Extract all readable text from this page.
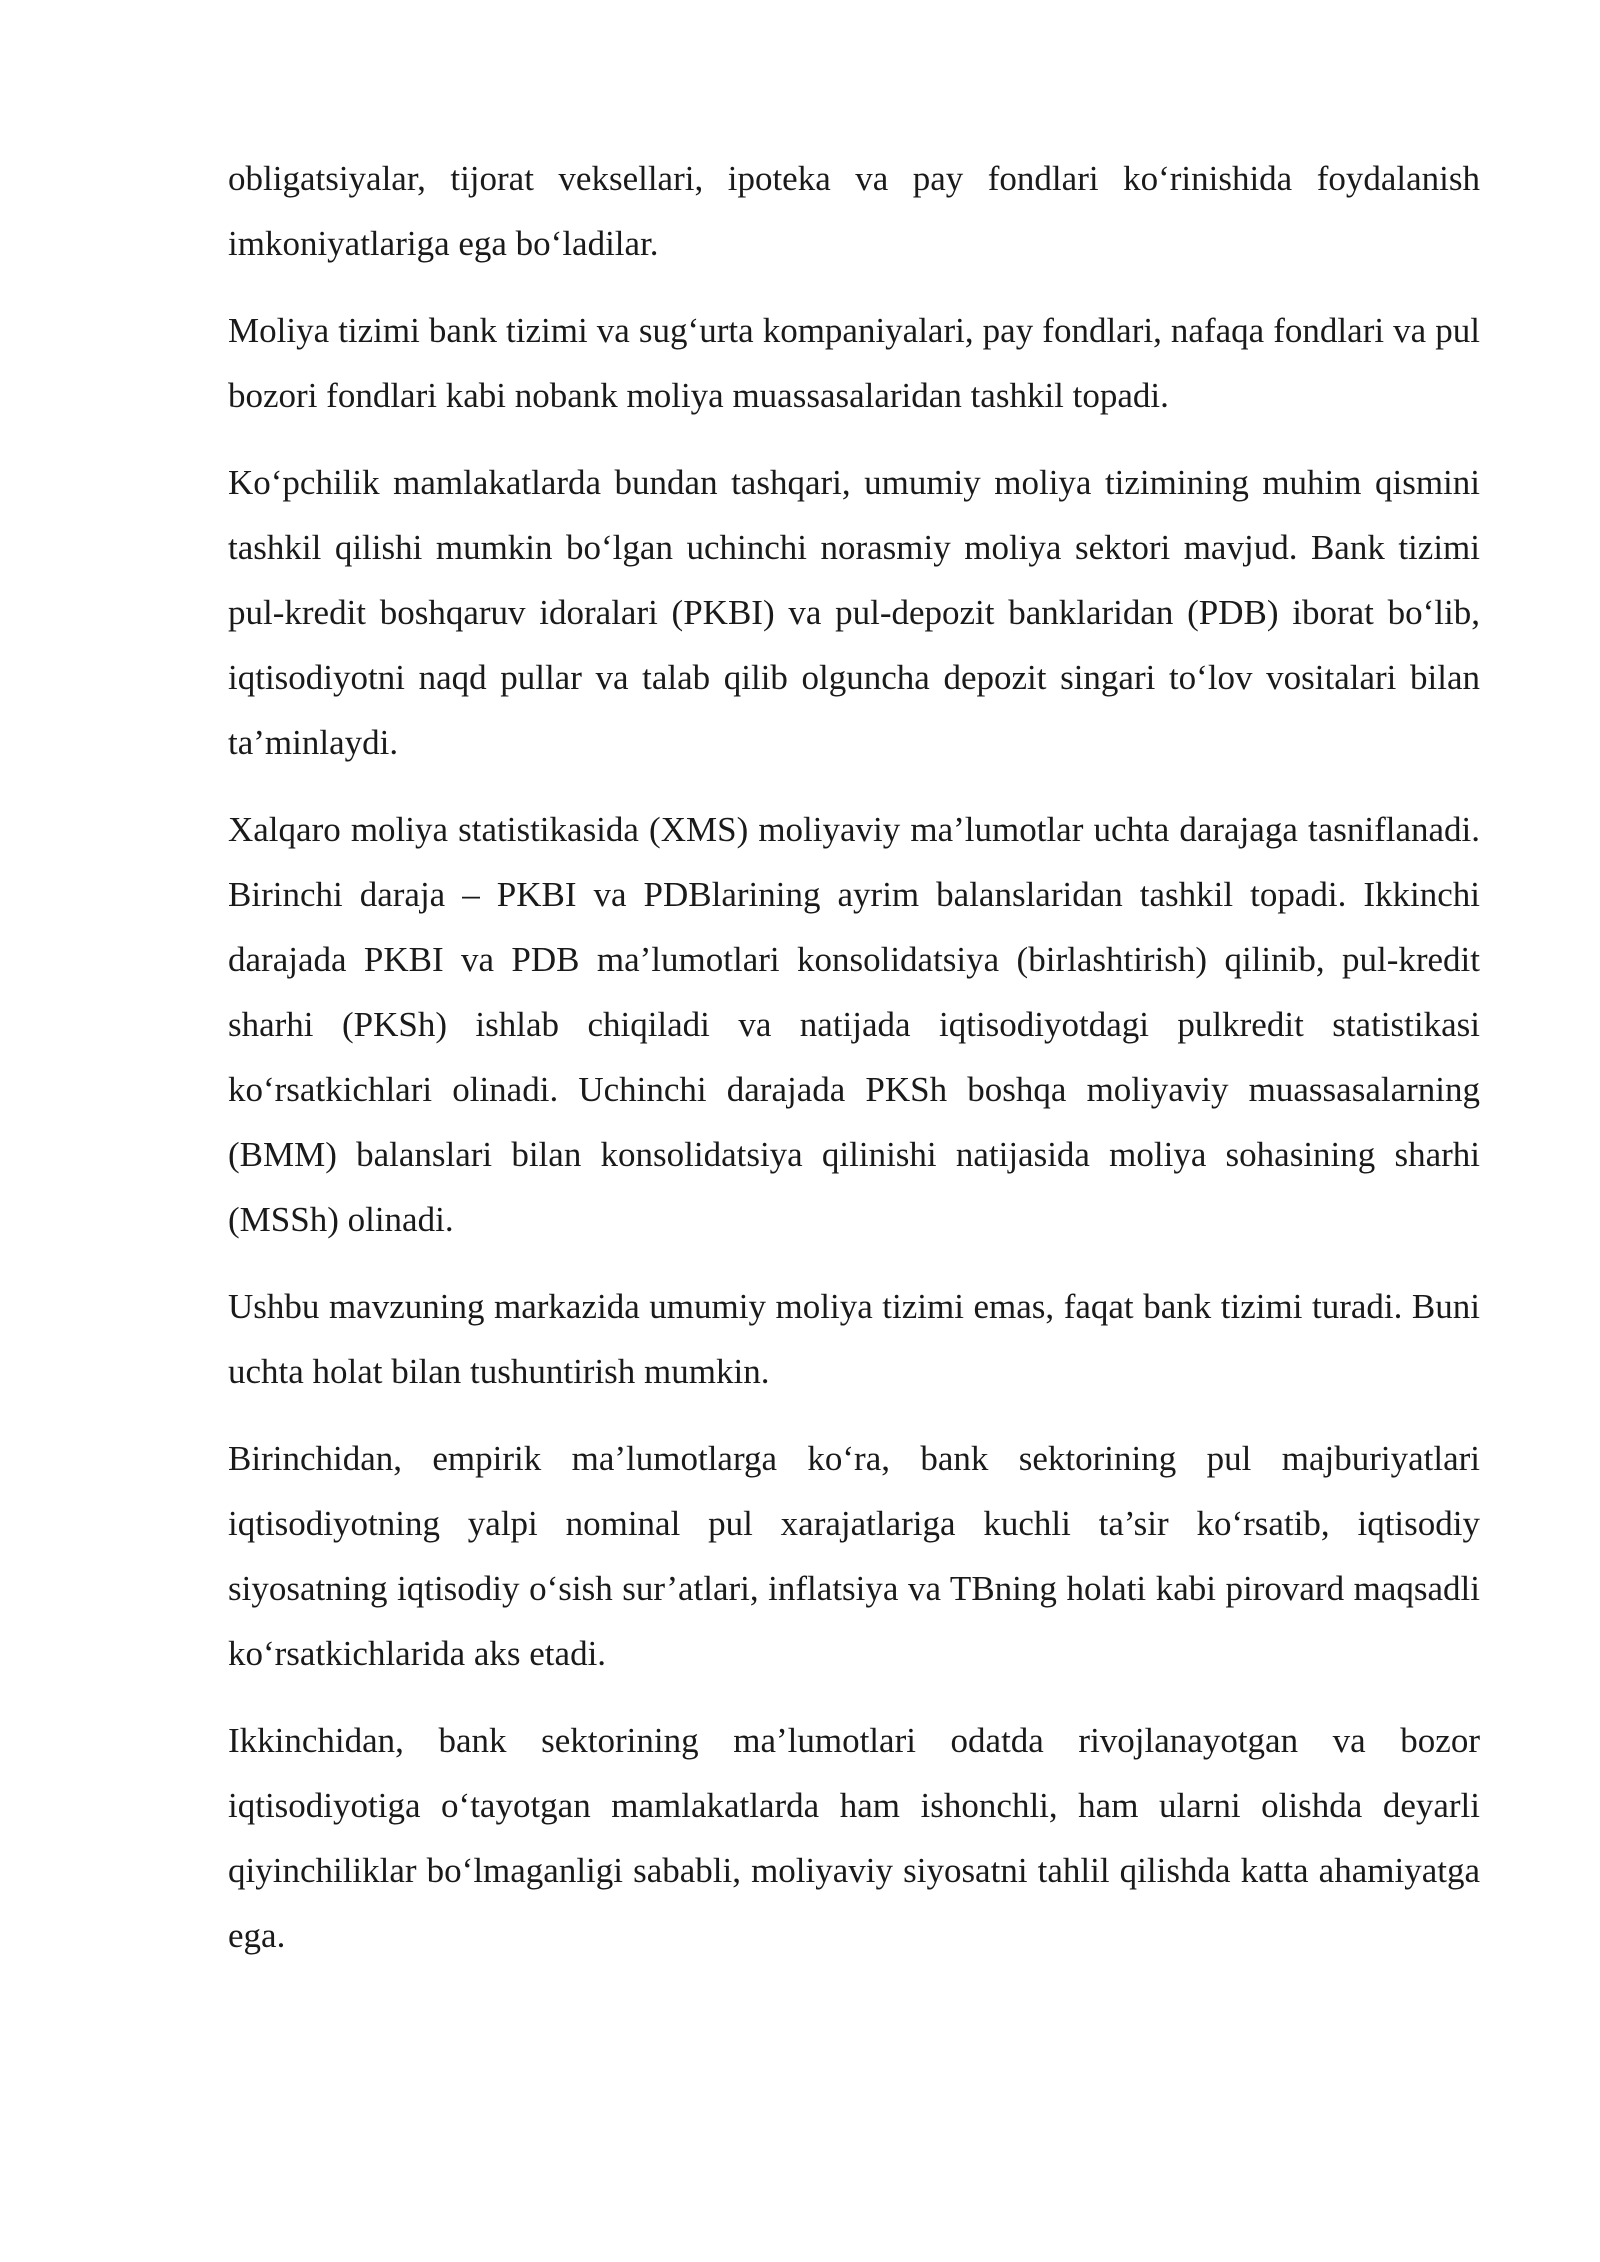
obligatsiyalar, tijorat veksellari, ipoteka va pay fondlari ko‘rinishida foydalanish imkoniyatlariga ega bo‘ladilar.

Moliya tizimi bank tizimi va sug‘urta kompaniyalari, pay fondlari, nafaqa fondlari va pul bozori fondlari kabi nobank moliya muassasalaridan tashkil topadi.

Ko‘pchilik mamlakatlarda bundan tashqari, umumiy moliya tizimining muhim qismini tashkil qilishi mumkin bo‘lgan uchinchi norasmiy moliya sektori mavjud. Bank tizimi pul-kredit boshqaruv idoralari (PKBI) va pul-depozit banklaridan (PDB) iborat bo‘lib, iqtisodiyotni naqd pullar va talab qilib olguncha depozit singari to‘lov vositalari bilan ta’minlaydi.

Xalqaro moliya statistikasida (XMS) moliyaviy ma’lumotlar uchta darajaga tasniflanadi. Birinchi daraja – PKBI va PDBlarining ayrim balanslaridan tashkil topadi. Ikkinchi darajada PKBI va PDB ma’lumotlari konsolidatsiya (birlashtirish) qilinib, pul-kredit sharhi (PKSh) ishlab chiqiladi va natijada iqtisodiyotdagi pulkredit statistikasi ko‘rsatkichlari olinadi. Uchinchi darajada PKSh boshqa moliyaviy muassasalarning (BMM) balanslari bilan konsolidatsiya qilinishi natijasida moliya sohasining sharhi (MSSh) olinadi.

Ushbu mavzuning markazida umumiy moliya tizimi emas, faqat bank tizimi turadi. Buni uchta holat bilan tushuntirish mumkin.

Birinchidan, empirik ma’lumotlarga ko‘ra, bank sektorining pul majburiyatlari iqtisodiyotning yalpi nominal pul xarajatlariga kuchli ta’sir ko‘rsatib, iqtisodiy siyosatning iqtisodiy o‘sish sur’atlari, inflatsiya va TBning holati kabi pirovard maqsadli ko‘rsatkichlarida aks etadi.

Ikkinchidan, bank sektorining ma’lumotlari odatda rivojlanayotgan va bozor iqtisodiyotiga o‘tayotgan mamlakatlarda ham ishonchli, ham ularni olishda deyarli qiyinchiliklar bo‘lmaganligi sababli, moliyaviy siyosatni tahlil qilishda katta ahamiyatga ega.
